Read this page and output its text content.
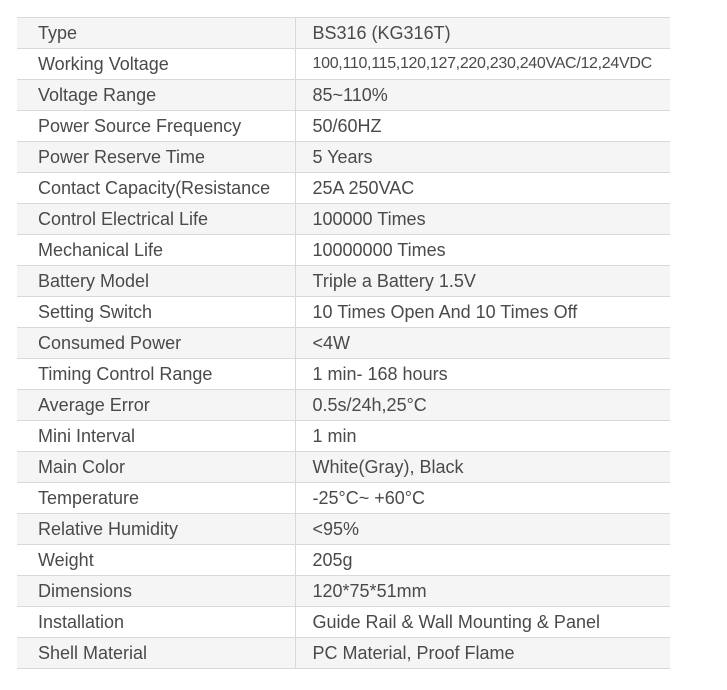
Type	BS316 (KG316T)
Working Voltage	100,110,115,120,127,220,230,240VAC/12,24VDC
Voltage Range	85~110%
Power Source Frequency	50/60HZ
Power Reserve Time	5 Years
Contact Capacity(Resistance	25A 250VAC
Control Electrical Life	100000 Times
Mechanical Life	10000000 Times
Battery Model	Triple a Battery 1.5V
Setting Switch	10 Times Open And 10 Times Off
Consumed Power	<4W
Timing Control Range	1 min- 168 hours
Average Error	0.5s/24h,25°C
Mini Interval	1 min
Main Color	White(Gray), Black
Temperature	-25°C~ +60°C
Relative Humidity	<95%
Weight	205g
Dimensions	120*75*51mm
Installation	Guide Rail & Wall Mounting & Panel
Shell Material	PC Material, Proof Flame
